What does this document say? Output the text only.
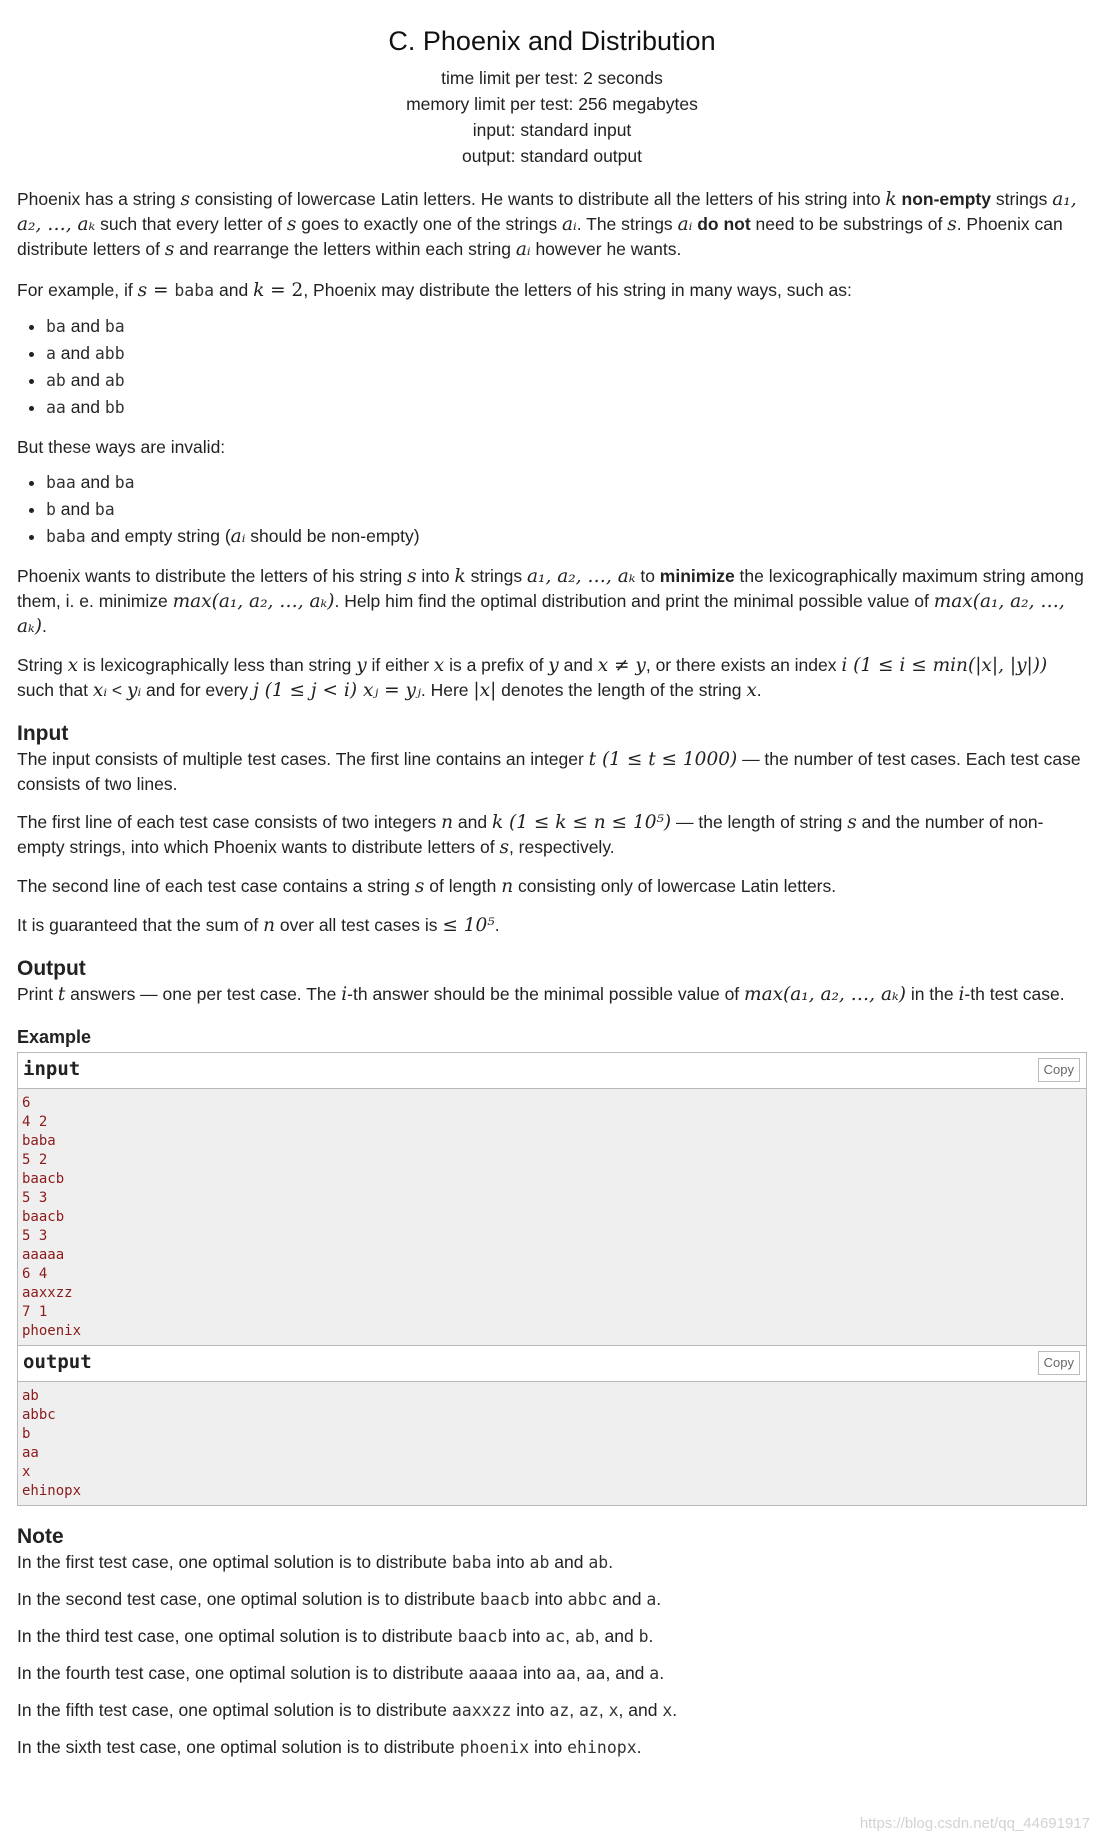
C. Phoenix and Distribution
time limit per test: 2 seconds
memory limit per test: 256 megabytes
input: standard input
output: standard output

Phoenix has a string s consisting of lowercase Latin letters. He wants to distribute all the letters of his string into k non-empty strings a₁, a₂, …, aₖ such that every letter of s goes to exactly one of the strings aᵢ. The strings aᵢ do not need to be substrings of s. Phoenix can distribute letters of s and rearrange the letters within each string aᵢ however he wants.

For example, if s = baba and k = 2, Phoenix may distribute the letters of his string in many ways, such as:

• ba and ba
• a and abb
• ab and ab
• aa and bb

But these ways are invalid:

• baa and ba
• b and ba
• baba and empty string (aᵢ should be non-empty)

Phoenix wants to distribute the letters of his string s into k strings a₁, a₂, …, aₖ to minimize the lexicographically maximum string among them, i. e. minimize max(a₁, a₂, …, aₖ). Help him find the optimal distribution and print the minimal possible value of max(a₁, a₂, …, aₖ).

String x is lexicographically less than string y if either x is a prefix of y and x ≠ y, or there exists an index i (1 ≤ i ≤ min(|x|, |y|)) such that xᵢ < yᵢ and for every j (1 ≤ j < i) xⱼ = yⱼ. Here |x| denotes the length of the string x.

Input

The input consists of multiple test cases. The first line contains an integer t (1 ≤ t ≤ 1000) — the number of test cases. Each test case consists of two lines.

The first line of each test case consists of two integers n and k (1 ≤ k ≤ n ≤ 10⁵) — the length of string s and the number of non-empty strings, into which Phoenix wants to distribute letters of s, respectively.

The second line of each test case contains a string s of length n consisting only of lowercase Latin letters.

It is guaranteed that the sum of n over all test cases is ≤ 10⁵.

Output

Print t answers — one per test case. The i-th answer should be the minimal possible value of max(a₁, a₂, …, aₖ) in the i-th test case.

Example
input	Copy
6
4 2
baba
5 2
baacb
5 3
baacb
5 3
aaaaa
6 4
aaxxzz
7 1
phoenix
output	Copy
ab
abbc
b
aa
x
ehinopx
Note

In the first test case, one optimal solution is to distribute baba into ab and ab.

In the second test case, one optimal solution is to distribute baacb into abbc and a.

In the third test case, one optimal solution is to distribute baacb into ac, ab, and b.

In the fourth test case, one optimal solution is to distribute aaaaa into aa, aa, and a.

In the fifth test case, one optimal solution is to distribute aaxxzz into az, az, x, and x.

In the sixth test case, one optimal solution is to distribute phoenix into ehinopx.

https://blog.csdn.net/qq_44691917
